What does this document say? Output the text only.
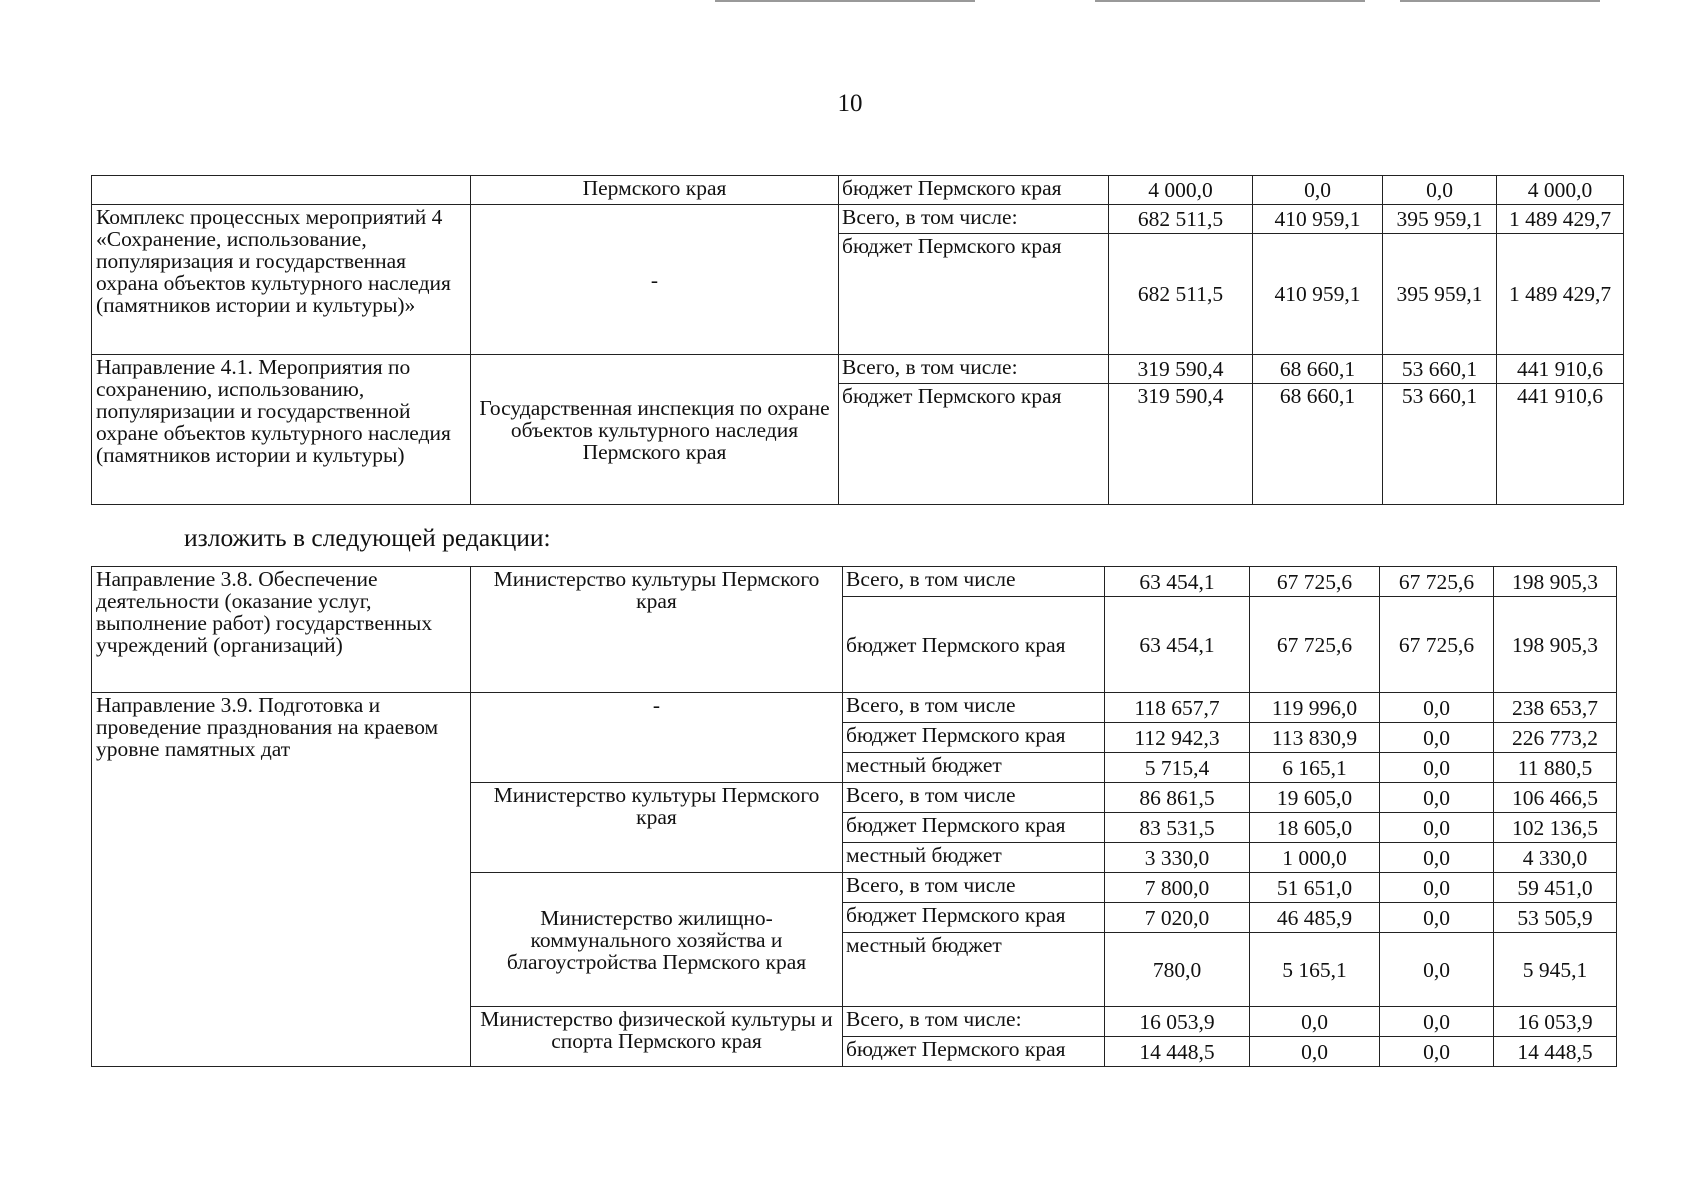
10
	Пермского края	бюджет Пермского края	4 000,0	0,0	0,0	4 000,0
Комплекс процессных мероприятий 4 «Сохранение, использование, популяризация и государственная охрана объектов культурного наследия (памятников истории и культуры)»	-	Всего, в том числе:	682 511,5	410 959,1	395 959,1	1 489 429,7
		бюджет Пермского края	682 511,5	410 959,1	395 959,1	1 489 429,7
Направление 4.1. Мероприятия по сохранению, использованию, популяризации и государственной охране объектов культурного наследия (памятников истории и культуры)	Государственная инспекция по охране объектов культурного наследия Пермского края	Всего, в том числе:	319 590,4	68 660,1	53 660,1	441 910,6
		бюджет Пермского края	319 590,4	68 660,1	53 660,1	441 910,6
изложить в следующей редакции:
Направление 3.8. Обеспечение деятельности (оказание услуг, выполнение работ) государственных учреждений (организаций)	Министерство культуры Пермского края	Всего, в том числе	63 454,1	67 725,6	67 725,6	198 905,3
		бюджет Пермского края	63 454,1	67 725,6	67 725,6	198 905,3
Направление 3.9. Подготовка и проведение празднования на краевом уровне памятных дат	-	Всего, в том числе	118 657,7	119 996,0	0,0	238 653,7
		бюджет Пермского края	112 942,3	113 830,9	0,0	226 773,2
		местный бюджет	5 715,4	6 165,1	0,0	11 880,5
	Министерство культуры Пермского края	Всего, в том числе	86 861,5	19 605,0	0,0	106 466,5
		бюджет Пермского края	83 531,5	18 605,0	0,0	102 136,5
		местный бюджет	3 330,0	1 000,0	0,0	4 330,0
	Министерство жилищно-коммунального хозяйства и благоустройства Пермского края	Всего, в том числе	7 800,0	51 651,0	0,0	59 451,0
		бюджет Пермского края	7 020,0	46 485,9	0,0	53 505,9
		местный бюджет	780,0	5 165,1	0,0	5 945,1
	Министерство физической культуры и спорта Пермского края	Всего, в том числе:	16 053,9	0,0	0,0	16 053,9
		бюджет Пермского края	14 448,5	0,0	0,0	14 448,5
